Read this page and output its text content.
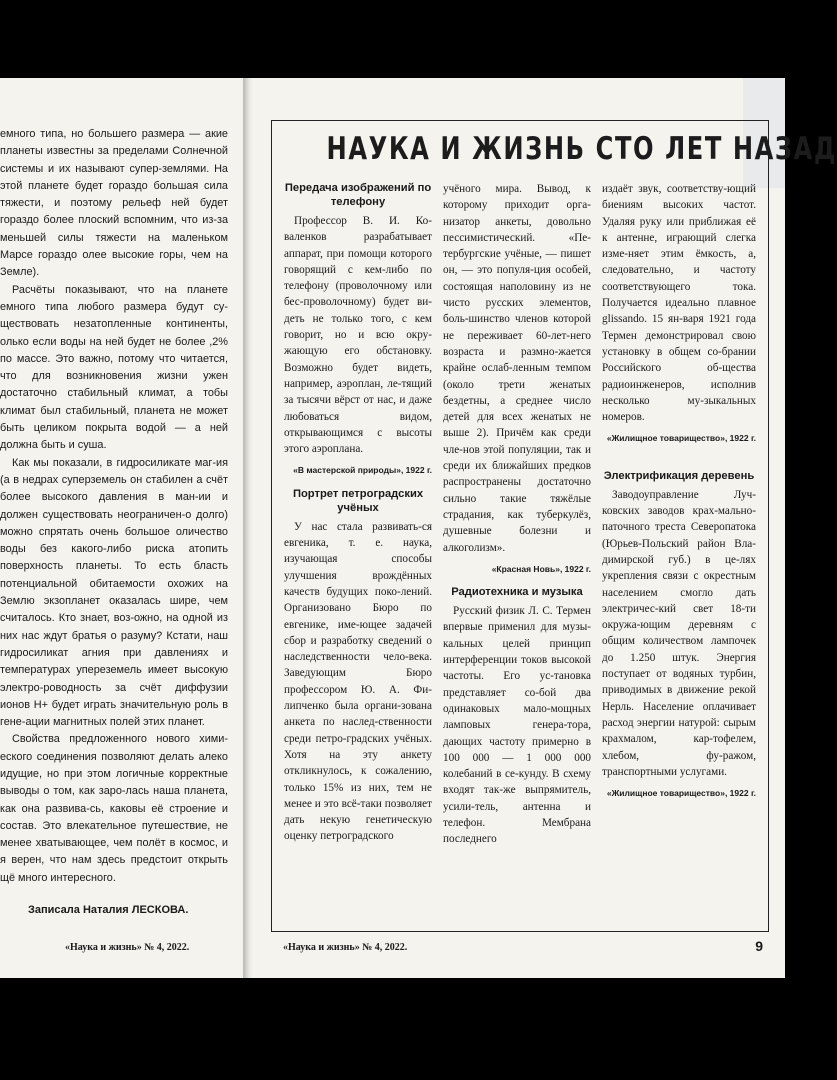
емного типа, но большего размера — акие планеты известны за пределами Солнечной системы и их называют супер-землями. На этой планете будет гораздо большая сила тяжести, и поэтому рельеф ней будет гораздо более плоский вспомним, что из-за меньшей силы тяжести на маленьком Марсе гораздо олее высокие горы, чем на Земле).

Расчёты показывают, что на планете емного типа любого размера будут су-ществовать незатопленные континенты, олько если воды на ней будет не более ,2% по массе. Это важно, потому что читается, что для возникновения жизни ужен достаточно стабильный климат, а тобы климат был стабильный, планета не может быть целиком покрыта водой — а ней должна быть и суша.

Как мы показали, в гидросиликате маг-ия (а в недрах суперземель он стабилен а счёт более высокого давления в ман-ии и должен существовать неограничен-о долго) можно спрятать очень большое оличество воды без какого-либо риска атопить поверхность планеты. То есть бласть потенциальной обитаемости охожих на Землю экзопланет оказалась шире, чем считалось. Кто знает, воз-ожно, на одной из них нас ждут братья о разуму? Кстати, наш гидросиликат агния при давлениях и температурах упереземель имеет высокую электро-роводность за счёт диффузии ионов Н+ будет играть значительную роль в гене-ации магнитных полей этих планет.

Свойства предложенного нового хими-еского соединения позволяют делать алеко идущие, но при этом логичные корректные выводы о том, как заро-лась наша планета, как она развива-сь, каковы её строение и состав. Это влекательное путешествие, не менее хватывающее, чем полёт в космос, и я верен, что нам здесь предстоит открыть щё много интересного.

Записала Наталия ЛЕСКОВА.
«Наука и жизнь» № 4, 2022.
НАУКА И ЖИЗНЬ СТО ЛЕТ НАЗАД
Передача изображений по телефону

Профессор В. И. Ко-валенков разрабатывает аппарат, при помощи которого говорящий с кем-либо по телефону (проволочному или бес-проволочному) будет ви-деть не только того, с кем говорит, но и всю окру-жающую его обстановку. Возможно будет видеть, например, аэроплан, ле-тящий за тысячи вёрст от нас, и даже любоваться видом, открывающимся с высоты этого аэроплана.

«В мастерской природы», 1922 г.
Портрет петроградских учёных

У нас стала развивать-ся евгеника, т. е. наука, изучающая способы улучшения врождённых качеств будущих поко-лений. Организовано Бюро по евгенике, име-ющее задачей сбор и разработку сведений о наследственности чело-века. Заведующим Бюро профессором Ю. А. Фи-липченко была органи-зована анкета по наслед-ственности среди петро-градских учёных. Хотя на эту анкету откликнулось, к сожалению, только 15% из них, тем не менее и это всё-таки позволяет дать некую генетическую оценку петроградского

учёного мира. Вывод, к которому приходит орга-низатор анкеты, довольно пессимистический. «Пе-тербургские учёные, — пишет он, — это популя-ция особей, состоящая наполовину из не чисто русских элементов, боль-шинство членов которой не переживает 60-лет-него возраста и размно-жается крайне ослаб-ленным темпом (около трети женатых бездетны, а среднее число детей для всех женатых не выше 2). Причём как среди чле-нов этой популяции, так и среди их ближайших предков распространены достаточно сильно такие тяжёлые страдания, как туберкулёз, душевные болезни и алкоголизм».

«Красная Новь», 1922 г.
Радиотехника и музыка

Русский физик Л. С. Термен впервые применил для музы-кальных целей принцип интерференции токов высокой частоты. Его ус-тановка представляет со-бой два одинаковых мало-мощных ламповых генера-тора, дающих частоту примерно в 100 000 — 1 000 000 колебаний в се-кунду. В схему входят так-же выпрямитель, усили-тель, антенна и телефон. Мембрана последнего

издаёт звук, соответству-ющий биениям высоких частот. Удаляя руку или приближая её к антенне, играющий слегка изме-няет этим ёмкость, а, следовательно, и частоту соответствующего тока. Получается идеально плавное glissando. 15 ян-варя 1921 года Термен демонстрировал свою установку в общем со-брании Российского об-щества радиоинженеров, исполнив несколько му-зыкальных номеров.

«Жилищное товарищество», 1922 г.
Электрификация деревень

Заводоуправление Луч-ковских заводов крах-мально-паточного треста Северопатока (Юрьев-Польский район Вла-димирской губ.) в це-лях укрепления связи с окрестным населением смогло дать электричес-кий свет 18-ти окружа-ющим деревням с общим количеством лампочек до 1.250 штук. Энергия поступает от водяных турбин, приводимых в движение рекой Нерль. Население оплачивает расход энергии натурой: сырым крахмалом, кар-тофелем, хлебом, фу-ражом, транспортными услугами.

«Жилищное товарищество», 1922 г.
«Наука и жизнь» № 4, 2022.	9
